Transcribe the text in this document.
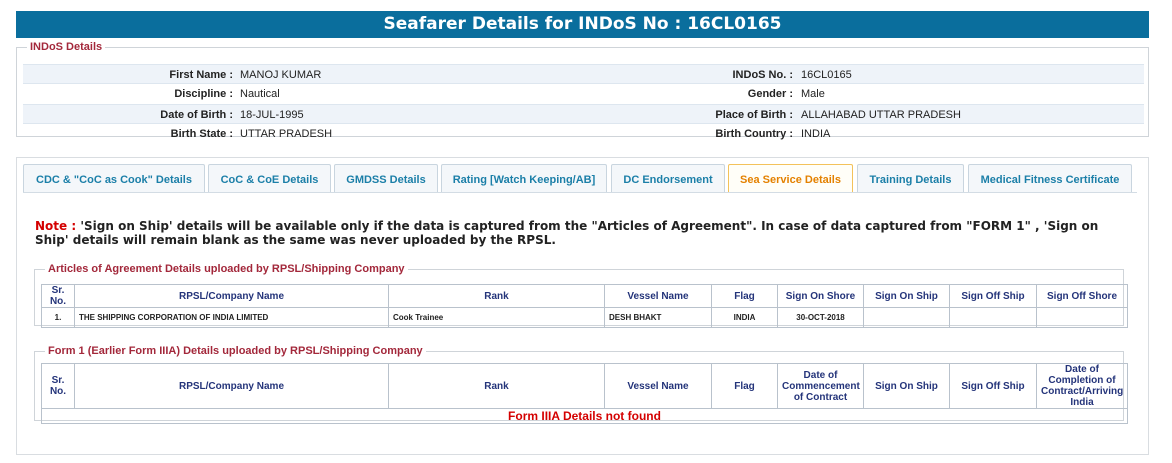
Seafarer Details for INDoS No : 16CL0165
INDoS Details
First Name : MANOJ KUMAR	INDoS No. : 16CL0165
Discipline : Nautical	Gender : Male
Date of Birth : 18-JUL-1995	Place of Birth : ALLAHABAD UTTAR PRADESH
Birth State : UTTAR PRADESH	Birth Country : INDIA
CDC & "CoC as Cook" Details	CoC & CoE Details	GMDSS Details	Rating [Watch Keeping/AB]	DC Endorsement	Sea Service Details	Training Details	Medical Fitness Certificate
Note : 'Sign on Ship' details will be available only if the data is captured from the "Articles of Agreement". In case of data captured from "FORM 1" , 'Sign on Ship' details will remain blank as the same was never uploaded by the RPSL.
Articles of Agreement Details uploaded by RPSL/Shipping Company
Sr. No.	RPSL/Company Name	Rank	Vessel Name	Flag	Sign On Shore	Sign On Ship	Sign Off Ship	Sign Off Shore
1.	THE SHIPPING CORPORATION OF INDIA LIMITED	Cook Trainee	DESH BHAKT	INDIA	30-OCT-2018			
Form 1 (Earlier Form IIIA) Details uploaded by RPSL/Shipping Company
Sr. No.	RPSL/Company Name	Rank	Vessel Name	Flag	Date of Commencement of Contract	Sign On Ship	Sign Off Ship	Date of Completion of Contract/Arriving India
Form IIIA Details not found
